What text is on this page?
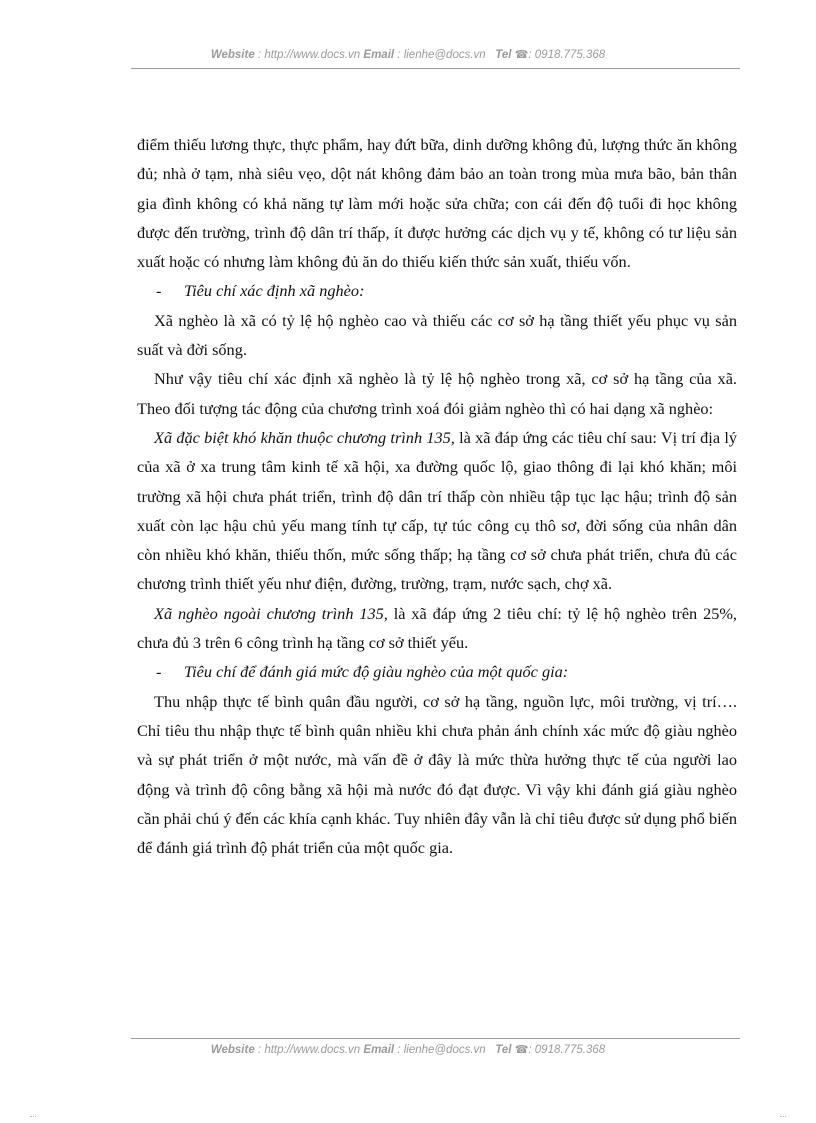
Website : http://www.docs.vn Email : lienhe@docs.vn Tel ☎: 0918.775.368

điểm thiếu lương thực, thực phẩm, hay đứt bữa, dinh dưỡng không đủ, lượng thức ăn không đủ; nhà ở tạm, nhà siêu vẹo, dột nát không đảm bảo an toàn trong mùa mưa bão, bản thân gia đình không có khả năng tự làm mới hoặc sửa chữa; con cái đến độ tuổi đi học không được đến trường, trình độ dân trí thấp, ít được hưởng các dịch vụ y tế, không có tư liệu sản xuất hoặc có nhưng làm không đủ ăn do thiếu kiến thức sản xuất, thiếu vốn.

-	Tiêu chí xác định xã nghèo:

Xã nghèo là xã có tỷ lệ hộ nghèo cao và thiếu các cơ sở hạ tầng thiết yếu phục vụ sản suất và đời sống.

Như vậy tiêu chí xác định xã nghèo là tỷ lệ hộ nghèo trong xã, cơ sở hạ tầng của xã. Theo đối tượng tác động của chương trình xoá đói giảm nghèo thì có hai dạng xã nghèo:

Xã đặc biệt khó khăn thuộc chương trình 135, là xã đáp ứng các tiêu chí sau: Vị trí địa lý của xã ở xa trung tâm kinh tế xã hội, xa đường quốc lộ, giao thông đi lại khó khăn; môi trường xã hội chưa phát triển, trình độ dân trí thấp còn nhiều tập tục lạc hậu; trình độ sản xuất còn lạc hậu chủ yếu mang tính tự cấp, tự túc công cụ thô sơ, đời sống của nhân dân còn nhiều khó khăn, thiếu thốn, mức sống thấp; hạ tầng cơ sở chưa phát triển, chưa đủ các chương trình thiết yếu như điện, đường, trường, trạm, nước sạch, chợ xã.

Xã nghèo ngoài chương trình 135, là xã đáp ứng 2 tiêu chí: tỷ lệ hộ nghèo trên 25%, chưa đủ 3 trên 6 công trình hạ tầng cơ sở thiết yếu.

-	Tiêu chí để đánh giá mức độ giàu nghèo của một quốc gia:

Thu nhập thực tế bình quân đầu người, cơ sở hạ tầng, nguồn lực, môi trường, vị trí…. Chỉ tiêu thu nhập thực tế bình quân nhiều khi chưa phản ánh chính xác mức độ giàu nghèo và sự phát triển ở một nước, mà vấn đề ở đây là mức thừa hưởng thực tế của người lao động và trình độ công bằng xã hội mà nước đó đạt được. Vì vậy khi đánh giá giàu nghèo cần phải chú ý đến các khía cạnh khác. Tuy nhiên đây vẫn là chỉ tiêu được sử dụng phổ biến để đánh giá trình độ phát triển của một quốc gia.

Website : http://www.docs.vn Email : lienhe@docs.vn Tel ☎: 0918.775.368
